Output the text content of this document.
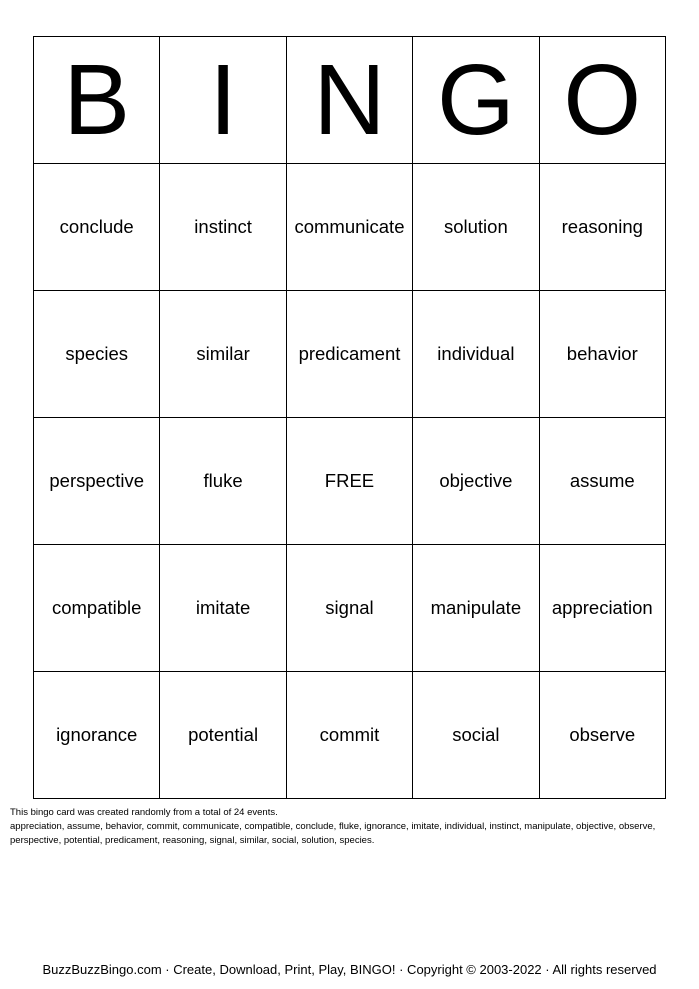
B	I	N	G	O
conclude	instinct	communicate	solution	reasoning
species	similar	predicament	individual	behavior
perspective	fluke	FREE	objective	assume
compatible	imitate	signal	manipulate	appreciation
ignorance	potential	commit	social	observe
This bingo card was created randomly from a total of 24 events.
appreciation, assume, behavior, commit, communicate, compatible, conclude, fluke, ignorance, imitate, individual, instinct, manipulate, objective, observe, perspective, potential, predicament, reasoning, signal, similar, social, solution, species.
BuzzBuzzBingo.com · Create, Download, Print, Play, BINGO! · Copyright © 2003-2022 · All rights reserved
